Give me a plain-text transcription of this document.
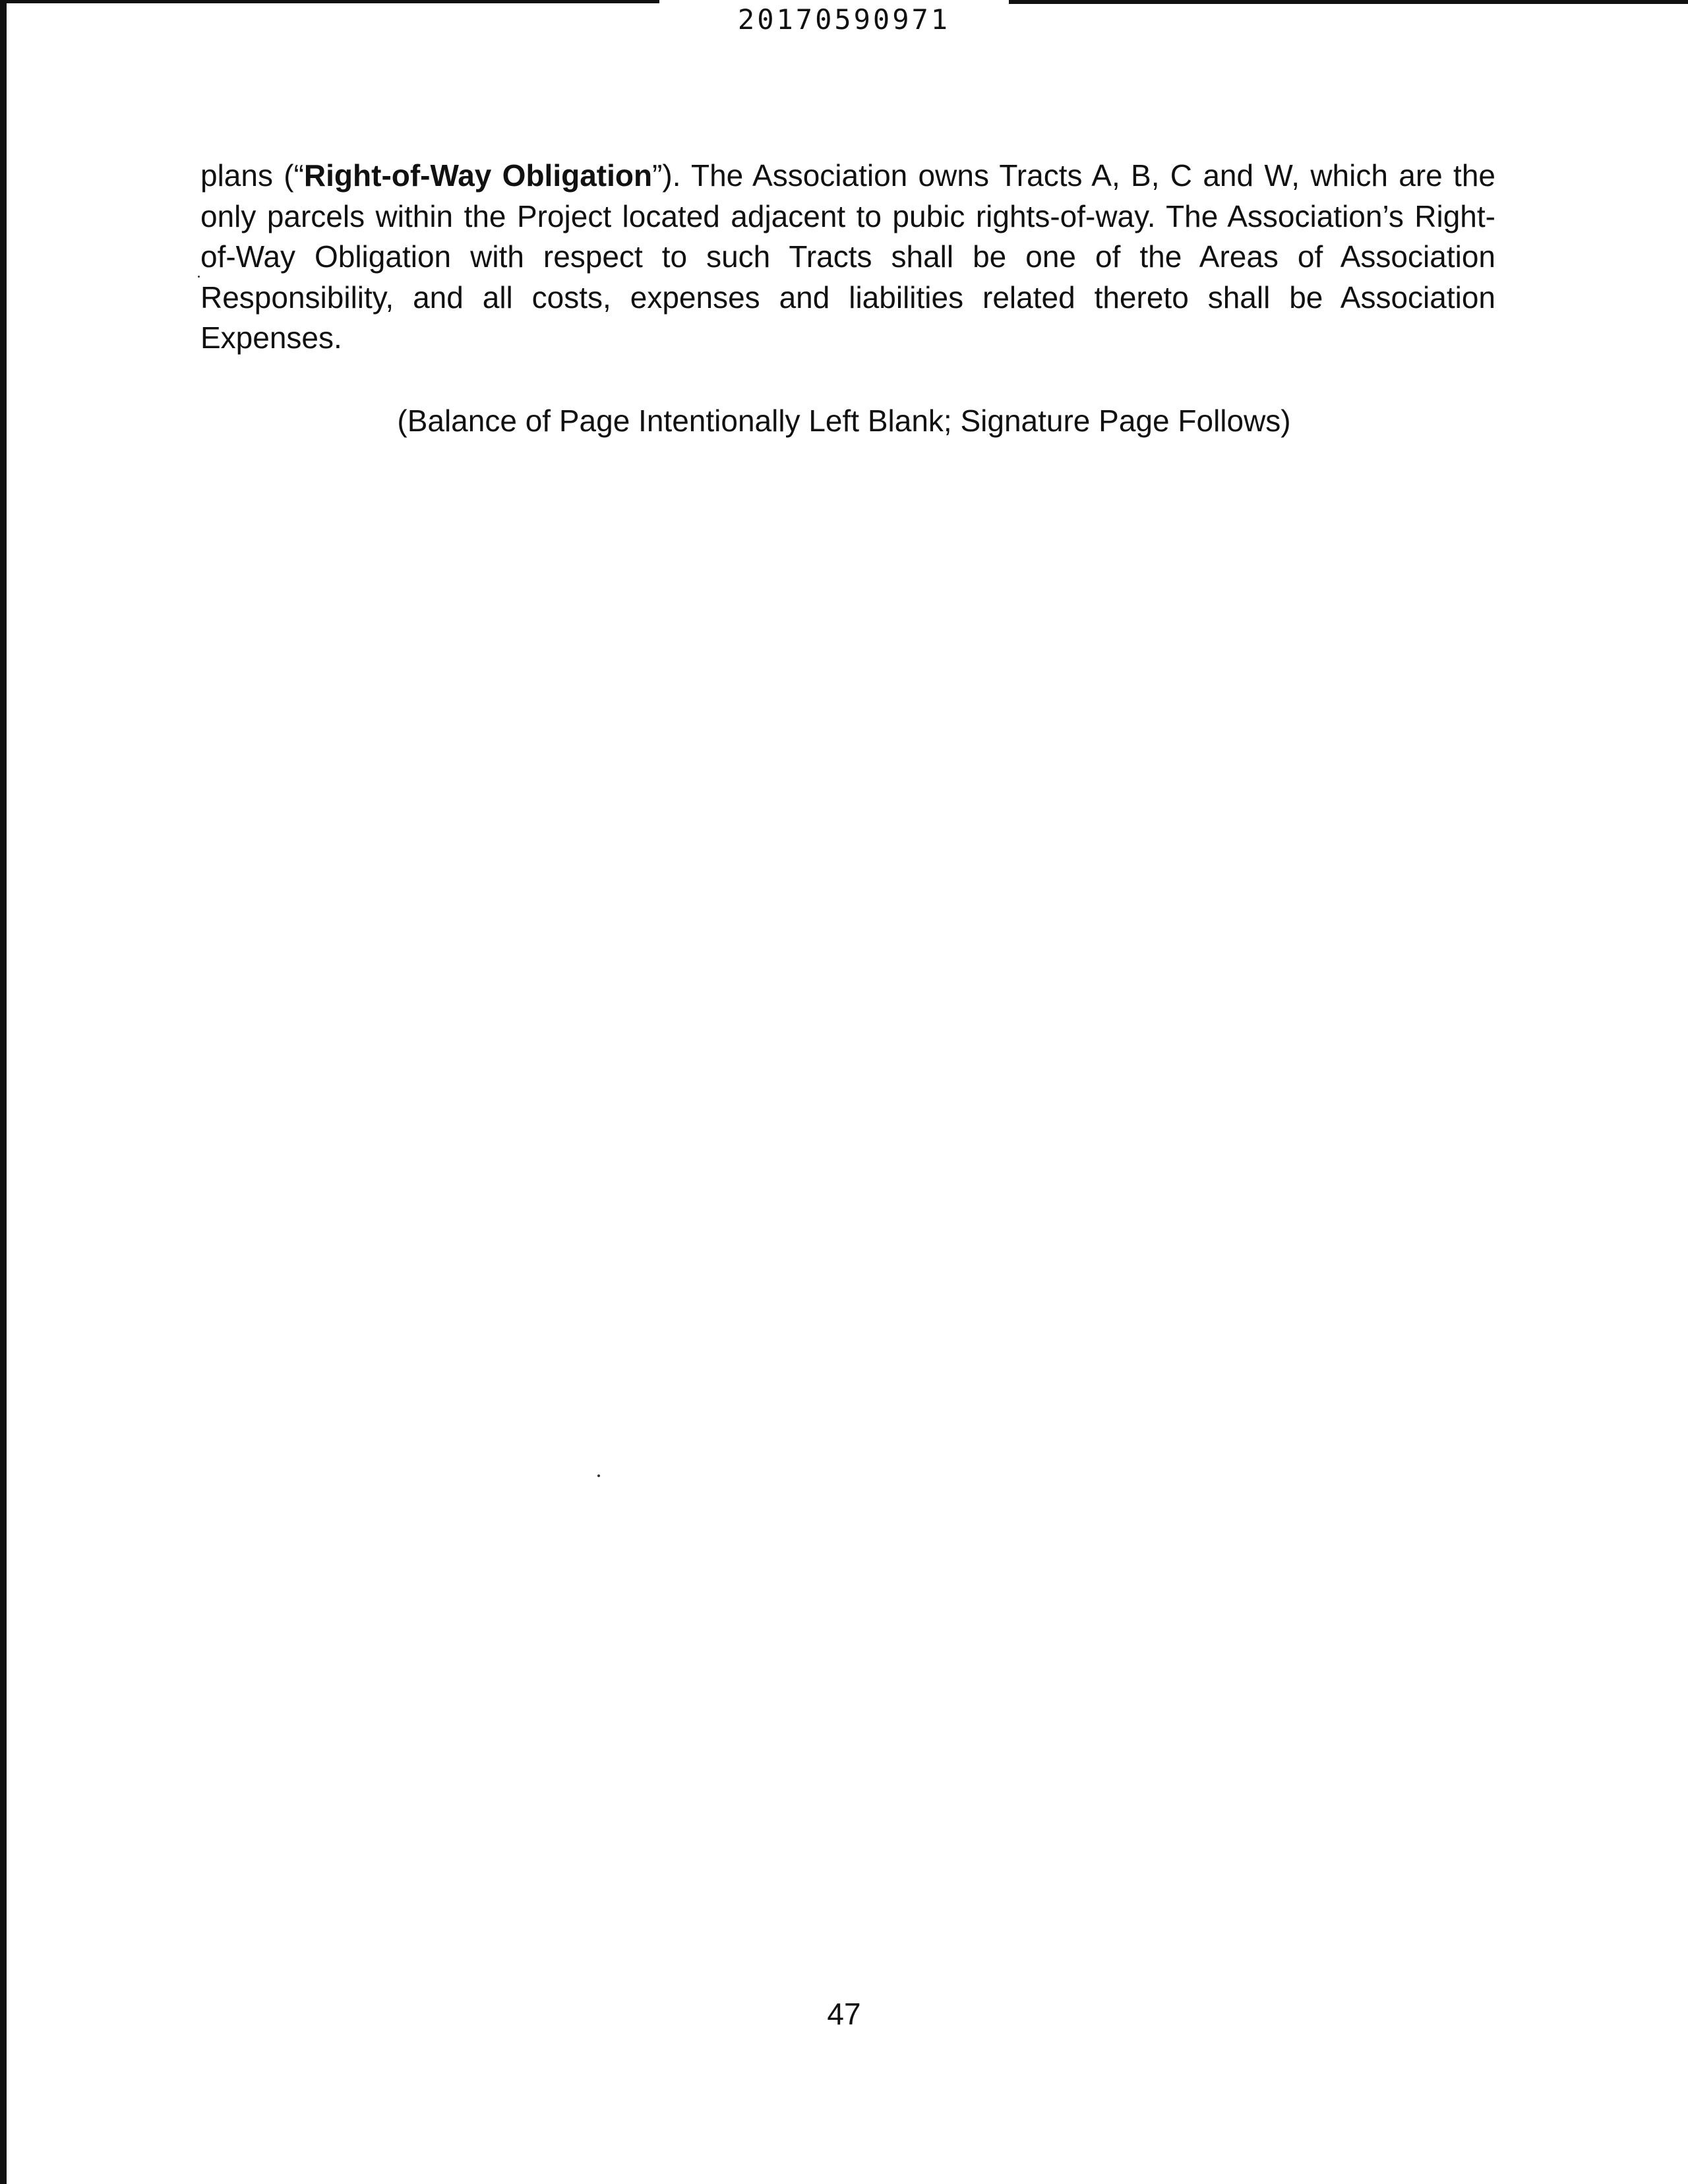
20170590971

plans (“Right-of-Way Obligation”). The Association owns Tracts A, B, C and W, which are the only parcels within the Project located adjacent to pubic rights-of-way. The Association’s Right-of-Way Obligation with respect to such Tracts shall be one of the Areas of Association Responsibility, and all costs, expenses and liabilities related thereto shall be Association Expenses.

(Balance of Page Intentionally Left Blank; Signature Page Follows)
47
